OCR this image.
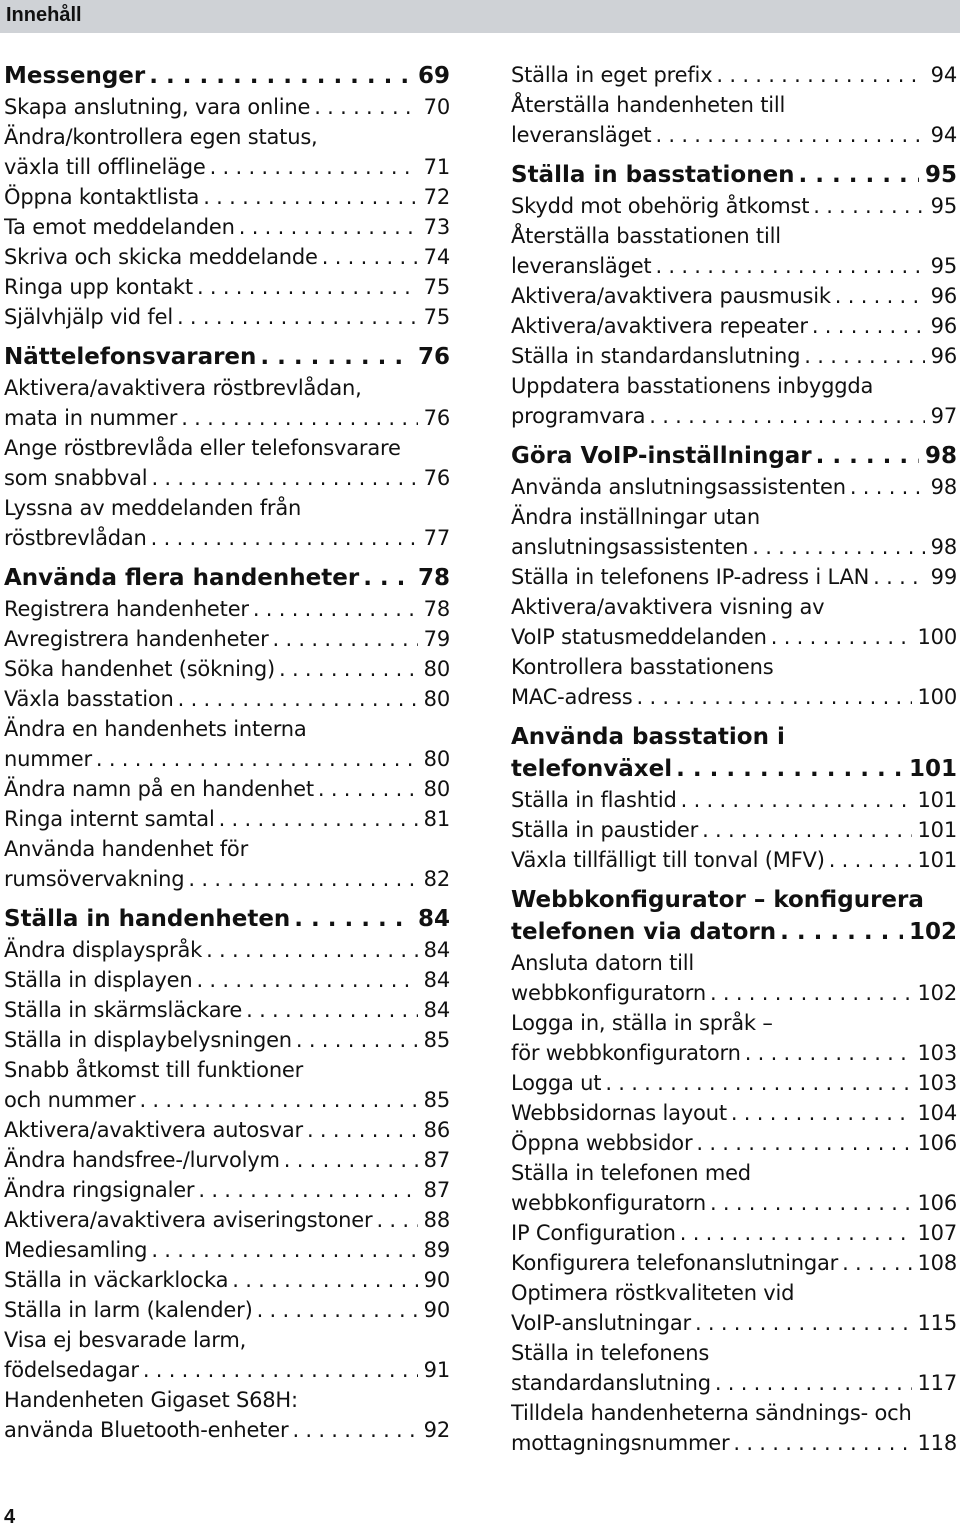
Innehåll
Messenger . . .	69
Skapa anslutning, vara online . . .	70
Ändra/kontrollera egen status,
växla till offlineläge . . .	71
Öppna kontaktlista . . .	72
Ta emot meddelanden . . .	73
Skriva och skicka meddelande . . .	74
Ringa upp kontakt . . .	75
Självhjälp vid fel . . .	75
Nättelefonsvararen . . .	76
Aktivera/avaktivera röstbrevlådan,
mata in nummer . . .	76
Ange röstbrevlåda eller telefonsvarare
som snabbval . . .	76
Lyssna av meddelanden från
röstbrevlådan . . .	77
Använda flera handenheter . . .	78
Registrera handenheter . . .	78
Avregistrera handenheter . . .	79
Söka handenhet (sökning) . . .	80
Växla basstation . . .	80
Ändra en handenhets interna
nummer . . .	80
Ändra namn på en handenhet . . .	80
Ringa internt samtal . . .	81
Använda handenhet för
rumsövervakning . . .	82
Ställa in handenheten . . .	84
Ändra displayspråk . . .	84
Ställa in displayen . . .	84
Ställa in skärmsläckare . . .	84
Ställa in displaybelysningen . . .	85
Snabb åtkomst till funktioner
och nummer . . .	85
Aktivera/avaktivera autosvar . . .	86
Ändra handsfree-/lurvolym . . .	87
Ändra ringsignaler . . .	87
Aktivera/avaktivera aviseringstoner . . . 88
Mediesamling . . .	89
Ställa in väckarklocka . . .	90
Ställa in larm (kalender) . . .	90
Visa ej besvarade larm,
födelsedagar . . .	91
Handenheten Gigaset S68H:
använda Bluetooth-enheter . . .	92
Ställa in eget prefix . . .	94
Återställa handenheten till
leveransläget . . .	94
Ställa in basstationen . . .	95
Skydd mot obehörig åtkomst . . .	95
Återställa basstationen till
leveransläget . . .	95
Aktivera/avaktivera pausmusik . . .	96
Aktivera/avaktivera repeater . . .	96
Ställa in standardanslutning . . .	96
Uppdatera basstationens inbyggda
programvara . . .	97
Göra VoIP-inställningar . . .	98
Använda anslutningsassistenten . . .	98
Ändra inställningar utan
anslutningsassistenten . . .	98
Ställa in telefonens IP-adress i LAN . . .	99
Aktivera/avaktivera visning av
VoIP statusmeddelanden . . .	100
Kontrollera basstationens
MAC-adress . . .	100
Använda basstation i
telefonväxel . . .	101
Ställa in flashtid . . .	101
Ställa in paustider . . .	101
Växla tillfälligt till tonval (MFV) . . .	101
Webbkonfigurator – konfigurera
telefonen via datorn . . .	102
Ansluta datorn till
webbkonfiguratorn . . .	102
Logga in, ställa in språk –
för webbkonfiguratorn . . .	103
Logga ut . . .	103
Webbsidornas layout . . .	104
Öppna webbsidor . . .	106
Ställa in telefonen med
webbkonfiguratorn . . .	106
IP Configuration . . .	107
Konfigurera telefonanslutningar . . .	108
Optimera röstkvaliteten vid
VoIP-anslutningar . . .	115
Ställa in telefonens
standardanslutning . . .	117
Tilldela handenheterna sändnings- och
mottagningsnummer . . .	118
4
